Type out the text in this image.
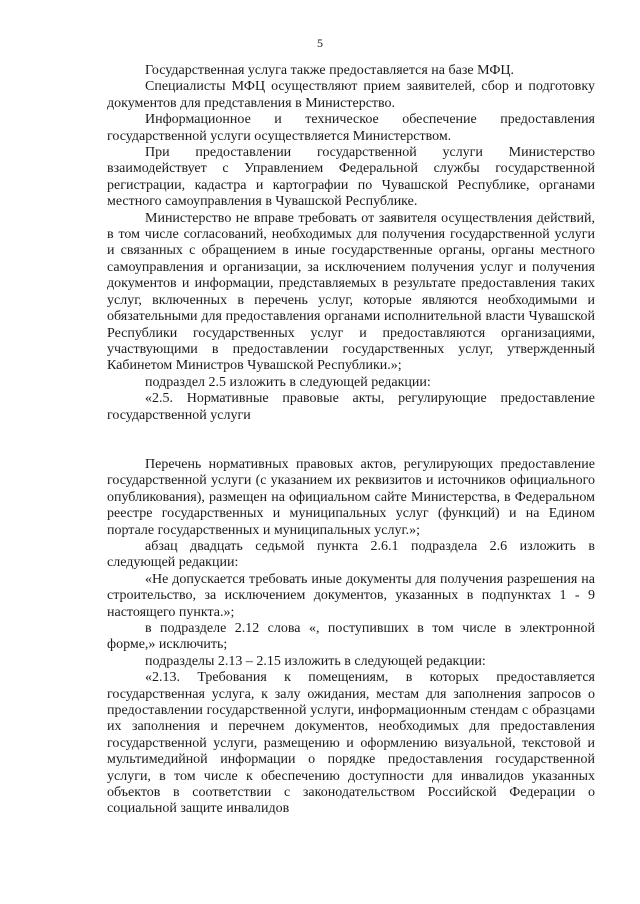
5

Государственная услуга также предоставляется на базе МФЦ.

Специалисты МФЦ осуществляют прием заявителей, сбор и подготовку документов для представления в Министерство.

Информационное и техническое обеспечение предоставления государственной услуги осуществляется Министерством.

При предоставлении государственной услуги Министерство взаимодействует с Управлением Федеральной службы государственной регистрации, кадастра и картографии по Чувашской Республике, органами местного самоуправления в Чувашской Республике.

Министерство не вправе требовать от заявителя осуществления действий, в том числе согласований, необходимых для получения государственной услуги и связанных с обращением в иные государственные органы, органы местного самоуправления и организации, за исключением получения услуг и получения документов и информации, представляемых в результате предоставления таких услуг, включенных в перечень услуг, которые являются необходимыми и обязательными для предоставления органами исполнительной власти Чувашской Республики государственных услуг и предоставляются организациями, участвующими в предоставлении государственных услуг, утвержденный Кабинетом Министров Чувашской Республики.»;

подраздел 2.5 изложить в следующей редакции:

«2.5. Нормативные правовые акты, регулирующие предоставление государственной услуги

Перечень нормативных правовых актов, регулирующих предоставление государственной услуги (с указанием их реквизитов и источников официального опубликования), размещен на официальном сайте Министерства, в Федеральном реестре государственных и муниципальных услуг (функций) и на Едином портале государственных и муниципальных услуг.»;

абзац двадцать седьмой пункта 2.6.1 подраздела 2.6 изложить в следующей редакции:

«Не допускается требовать иные документы для получения разрешения на строительство, за исключением документов, указанных в подпунктах 1 - 9 настоящего пункта.»;

в подразделе 2.12 слова «, поступивших в том числе в электронной форме,» исключить;

подразделы 2.13 – 2.15 изложить в следующей редакции:

«2.13. Требования к помещениям, в которых предоставляется государственная услуга, к залу ожидания, местам для заполнения запросов о предоставлении государственной услуги, информационным стендам с образцами их заполнения и перечнем документов, необходимых для предоставления государственной услуги, размещению и оформлению визуальной, текстовой и мультимедийной информации о порядке предоставления государственной услуги, в том числе к обеспечению доступности для инвалидов указанных объектов в соответствии с законодательством Российской Федерации о социальной защите инвалидов
